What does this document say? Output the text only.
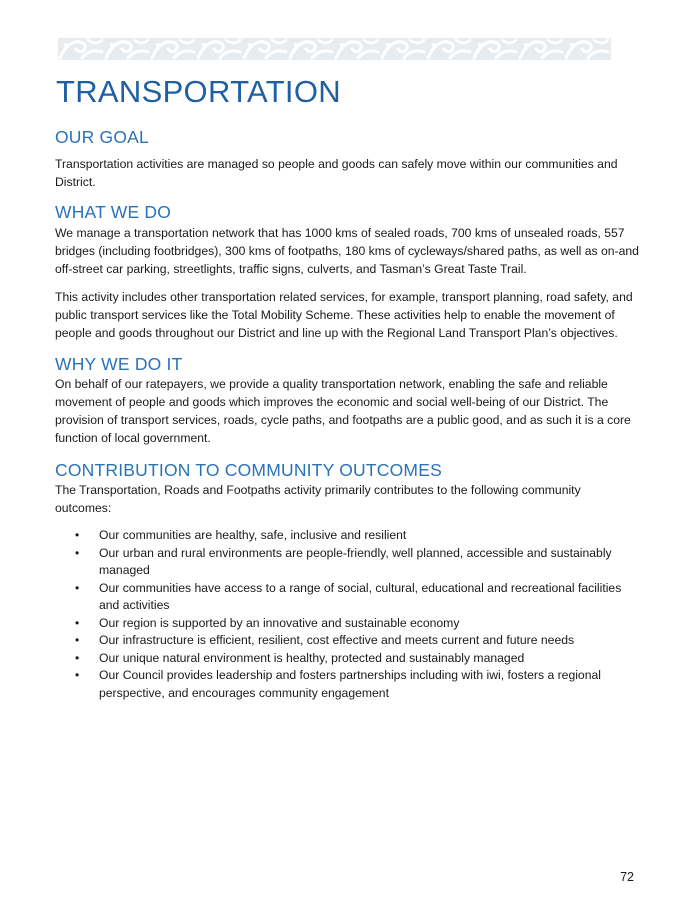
TRANSPORTATION
OUR GOAL

Transportation activities are managed so people and goods can safely move within our communities and District.

WHAT WE DO

We manage a transportation network that has 1000 kms of sealed roads, 700 kms of unsealed roads, 557 bridges (including footbridges), 300 kms of footpaths, 180 kms of cycleways/shared paths, as well as on-and off-street car parking, streetlights, traffic signs, culverts, and Tasman’s Great Taste Trail.

This activity includes other transportation related services, for example, transport planning, road safety, and public transport services like the Total Mobility Scheme. These activities help to enable the movement of people and goods throughout our District and line up with the Regional Land Transport Plan’s objectives.

WHY WE DO IT

On behalf of our ratepayers, we provide a quality transportation network, enabling the safe and reliable movement of people and goods which improves the economic and social well-being of our District. The provision of transport services, roads, cycle paths, and footpaths are a public good, and as such it is a core function of local government.

CONTRIBUTION TO COMMUNITY OUTCOMES

The Transportation, Roads and Footpaths activity primarily contributes to the following community outcomes:

• Our communities are healthy, safe, inclusive and resilient
• Our urban and rural environments are people-friendly, well planned, accessible and sustainably managed
• Our communities have access to a range of social, cultural, educational and recreational facilities and activities
• Our region is supported by an innovative and sustainable economy
• Our infrastructure is efficient, resilient, cost effective and meets current and future needs
• Our unique natural environment is healthy, protected and sustainably managed
• Our Council provides leadership and fosters partnerships including with iwi, fosters a regional perspective, and encourages community engagement
72
